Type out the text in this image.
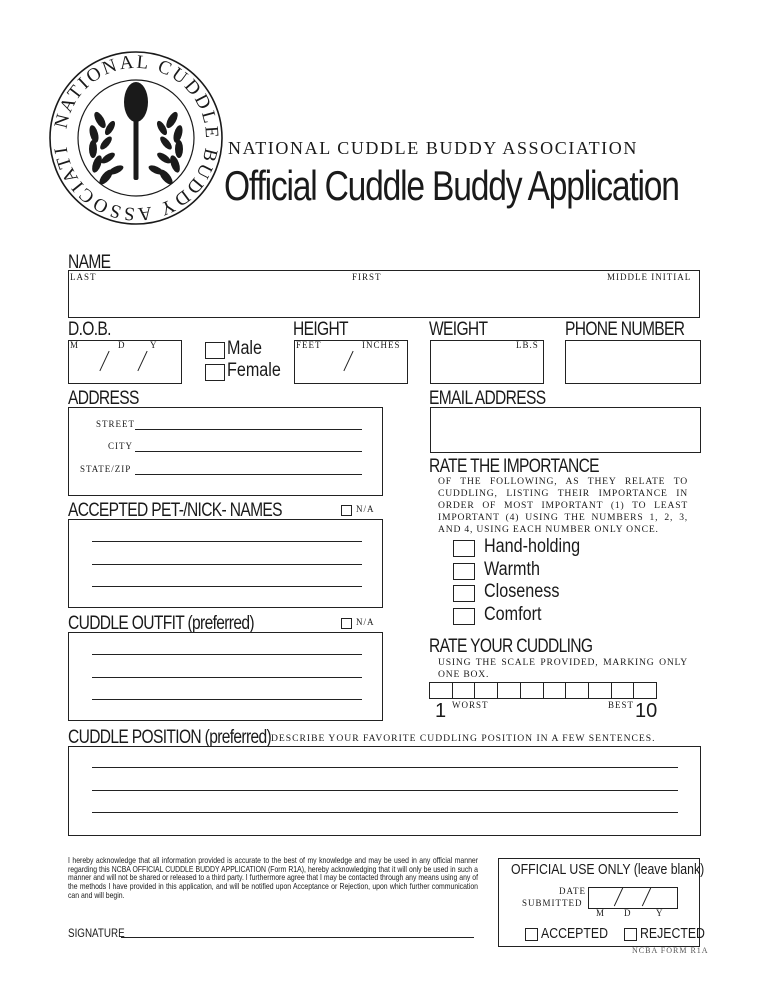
NATIONAL CUDDLE BUDDY ASSOCIATI	NATIONAL CUDDLE BUDDY ASSOCIATION
Official Cuddle Buddy Application
NAME
LAST	FIRST	MIDDLE INITIAL
D.O.B.
M	D	Y	Male
Female
HEIGHT
FEET	INCHES
WEIGHT
LB.S
PHONE NUMBER
ADDRESS
STREET
CITY
STATE/ZIP
EMAIL ADDRESS
RATE THE IMPORTANCE
OF THE FOLLOWING, AS THEY RELATE TO CUDDLING, LISTING THEIR IMPORTANCE IN ORDER OF MOST IMPORTANT (1) TO LEAST IMPORTANT (4) USING THE NUMBERS 1, 2, 3, AND 4, USING EACH NUMBER ONLY ONCE.
Hand-holding
Warmth
Closeness
Comfort
ACCEPTED PET-/NICK- NAMES	N/A
CUDDLE OUTFIT (preferred)	N/A
RATE YOUR CUDDLING
USING THE SCALE PROVIDED, MARKING ONLY ONE BOX.
1 WORST	BEST 10
CUDDLE POSITION (preferred) DESCRIBE YOUR FAVORITE CUDDLING POSITION IN A FEW SENTENCES.
I hereby acknowledge that all information provided is accurate to the best of my knowledge and may be used in any official manner regarding this NCBA OFFICIAL CUDDLE BUDDY APPLICATION (Form R1A), hereby acknowledging that it will only be used in such a manner and will not be shared or released to a third party. I furthermore agree that I may be contacted through any means using any of the methods I have provided in this application, and will be notified upon Acceptance or Rejection, upon which further communication can and will begin.
SIGNATURE
OFFICIAL USE ONLY (leave blank)
DATE
SUBMITTED
M D	Y
ACCEPTED REJECTED
NCBA FORM R1A
